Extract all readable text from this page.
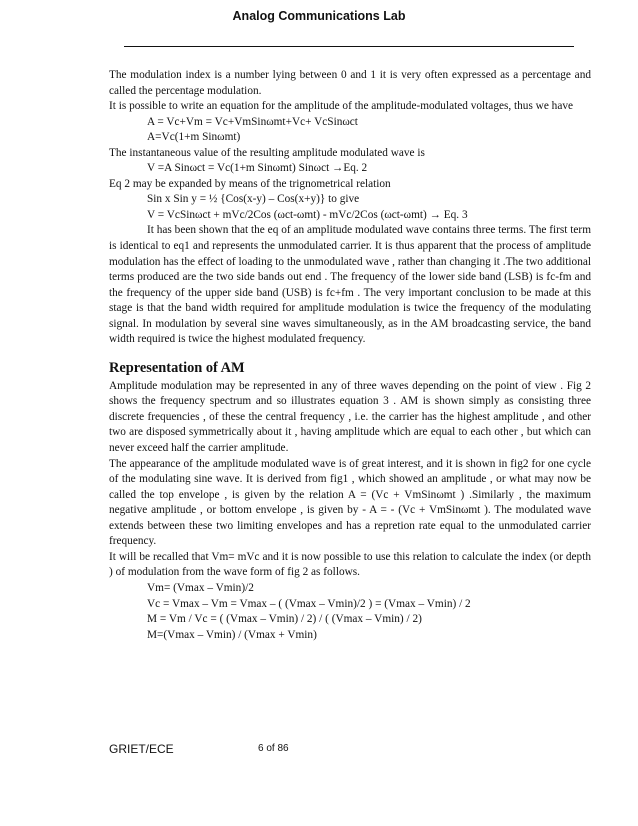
Analog Communications Lab

The modulation index is a number lying between 0 and 1 it is very often expressed as a percentage and called the percentage modulation.

It is possible to write an equation for the amplitude of the amplitude-modulated voltages, thus we have

A = Vc+Vm = Vc+VmSinωmt+Vc+ VcSinωct

A=Vc(1+m Sinωmt)

The instantaneous value of the resulting amplitude modulated wave is

V =A Sinωct = Vc(1+m Sinωmt) Sinωct →Eq. 2

Eq 2 may be expanded by means of the trignometrical relation

Sin x Sin y = ½ {Cos(x-y) – Cos(x+y)} to give

V = VcSinωct + mVc/2Cos (ωct-ωmt) - mVc/2Cos (ωct-ωmt) → Eq. 3

It has been shown that the eq of an amplitude modulated wave contains three terms. The first term is identical to eq1 and represents the unmodulated carrier. It is thus apparent that the process of amplitude modulation has the effect of loading to the unmodulated wave , rather than changing it .The two additional terms produced are the two side bands out end . The frequency of the lower side band (LSB) is fc-fm and the frequency of the upper side band (USB) is fc+fm . The very important conclusion to be made at this stage is that the band width required for amplitude modulation is twice the frequency of the modulating signal. In modulation by several sine waves simultaneously, as in the AM broadcasting service, the band width required is twice the highest modulated frequency.

Representation of AM

Amplitude modulation may be represented in any of three waves depending on the point of view . Fig 2 shows the frequency spectrum and so illustrates equation 3 . AM is shown simply as consisting three discrete frequencies , of these the central frequency , i.e. the carrier has the highest amplitude , and other two are disposed symmetrically about it , having amplitude which are equal to each other , but which can never exceed half the carrier amplitude.

The appearance of the amplitude modulated wave is of great interest, and it is shown in fig2 for one cycle of the modulating sine wave. It is derived from fig1 , which showed an amplitude , or what may now be called the top envelope , is given by the relation A = (Vc + VmSinωmt ) .Similarly , the maximum negative amplitude , or bottom envelope , is given by - A = - (Vc + VmSinωmt ). The modulated wave extends between these two limiting envelopes and has a repretion rate equal to the unmodulated carrier frequency.

It will be recalled that Vm= mVc and it is now possible to use this relation to calculate the index (or depth ) of modulation from the wave form of fig 2 as follows.

Vm= (Vmax – Vmin)/2

Vc = Vmax – Vm = Vmax – ( (Vmax – Vmin)/2 ) = (Vmax – Vmin) / 2

M = Vm / Vc = ( (Vmax – Vmin) / 2) / ( (Vmax – Vmin) / 2)

M=(Vmax – Vmin) / (Vmax + Vmin)

GRIET/ECE	6 of 86
